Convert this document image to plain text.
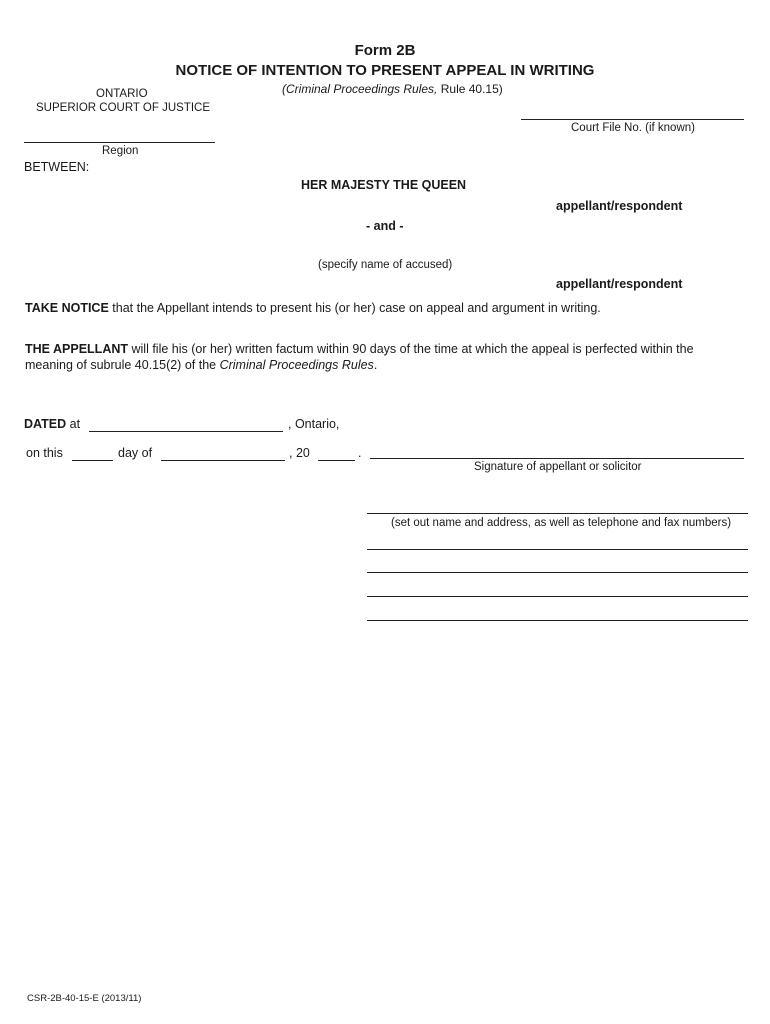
Form 2B
NOTICE OF INTENTION TO PRESENT APPEAL IN WRITING
(Criminal Proceedings Rules, Rule 40.15)
ONTARIO
SUPERIOR COURT OF JUSTICE
Court File No. (if known)
Region
BETWEEN:
HER MAJESTY THE QUEEN
appellant/respondent
- and -
(specify name of accused)
appellant/respondent
TAKE NOTICE that the Appellant intends to present his (or her) case on appeal and argument in writing.
THE APPELLANT will file his (or her) written factum within 90 days of the time at which the appeal is perfected within the meaning of subrule 40.15(2) of the Criminal Proceedings Rules.
DATED at	, Ontario,
on this	day of	, 20	.
Signature of appellant or solicitor
(set out name and address, as well as telephone and fax numbers)
CSR-2B-40-15-E (2013/11)
